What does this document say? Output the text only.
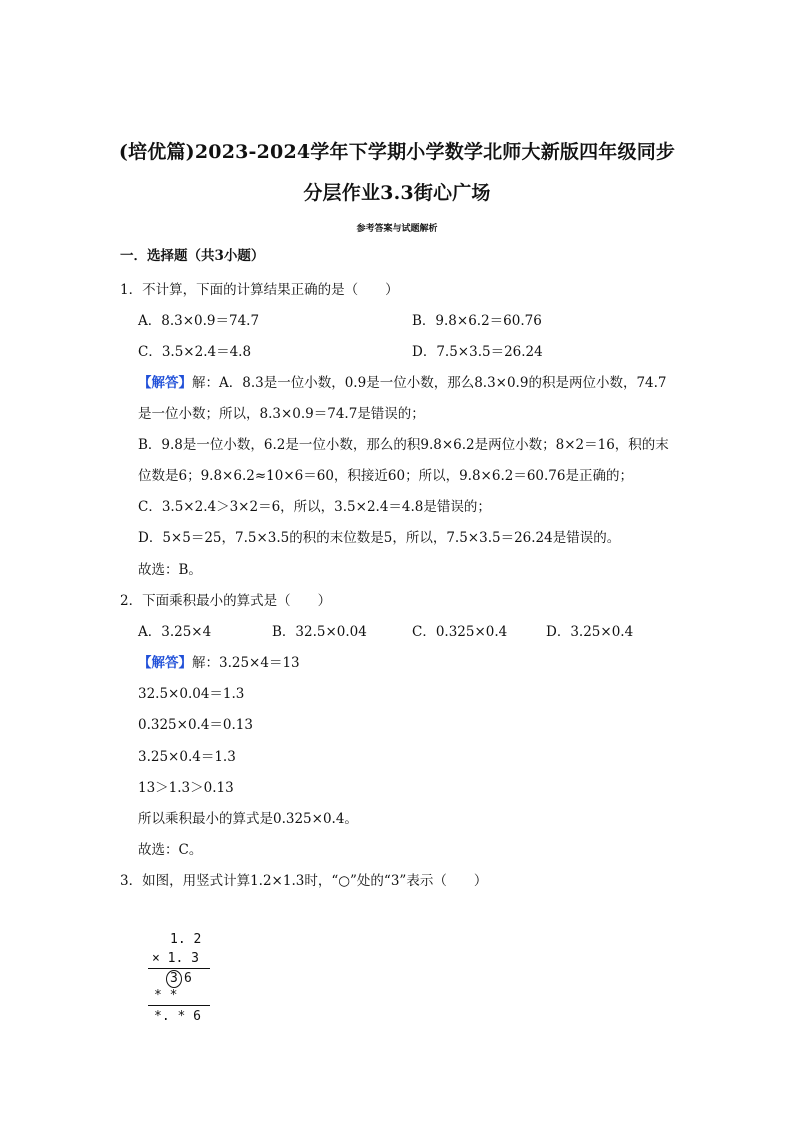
(培优篇)2023-2024学年下学期小学数学北师大新版四年级同步
分层作业3.3街心广场
参考答案与试题解析
一．选择题（共3小题）
1．不计算，下面的计算结果正确的是（　　）
A．8.3×0.9＝74.7	B．9.8×6.2＝60.76
C．3.5×2.4＝4.8	D．7.5×3.5＝26.24
【解答】解：A．8.3是一位小数，0.9是一位小数，那么8.3×0.9的积是两位小数，74.7
是一位小数；所以，8.3×0.9＝74.7是错误的；
B．9.8是一位小数，6.2是一位小数，那么的积9.8×6.2是两位小数；8×2＝16，积的末
位数是6；9.8×6.2≈10×6＝60，积接近60；所以，9.8×6.2＝60.76是正确的；
C．3.5×2.4＞3×2＝6，所以，3.5×2.4＝4.8是错误的；
D．5×5＝25，7.5×3.5的积的末位数是5，所以，7.5×3.5＝26.24是错误的。
故选：B。
2．下面乘积最小的算式是（　　）
A．3.25×4	B．32.5×0.04	C．0.325×0.4	D．3.25×0.4
【解答】解：3.25×4＝13
32.5×0.04＝1.3
0.325×0.4＝0.13
3.25×0.4＝1.3
13＞1.3＞0.13
所以乘积最小的算式是0.325×0.4。
故选：C。
3．如图，用竖式计算1.2×1.3时，“○”处的“3”表示（　　）
1. 2
× 1. 3
3 6
* *
*. * 6
